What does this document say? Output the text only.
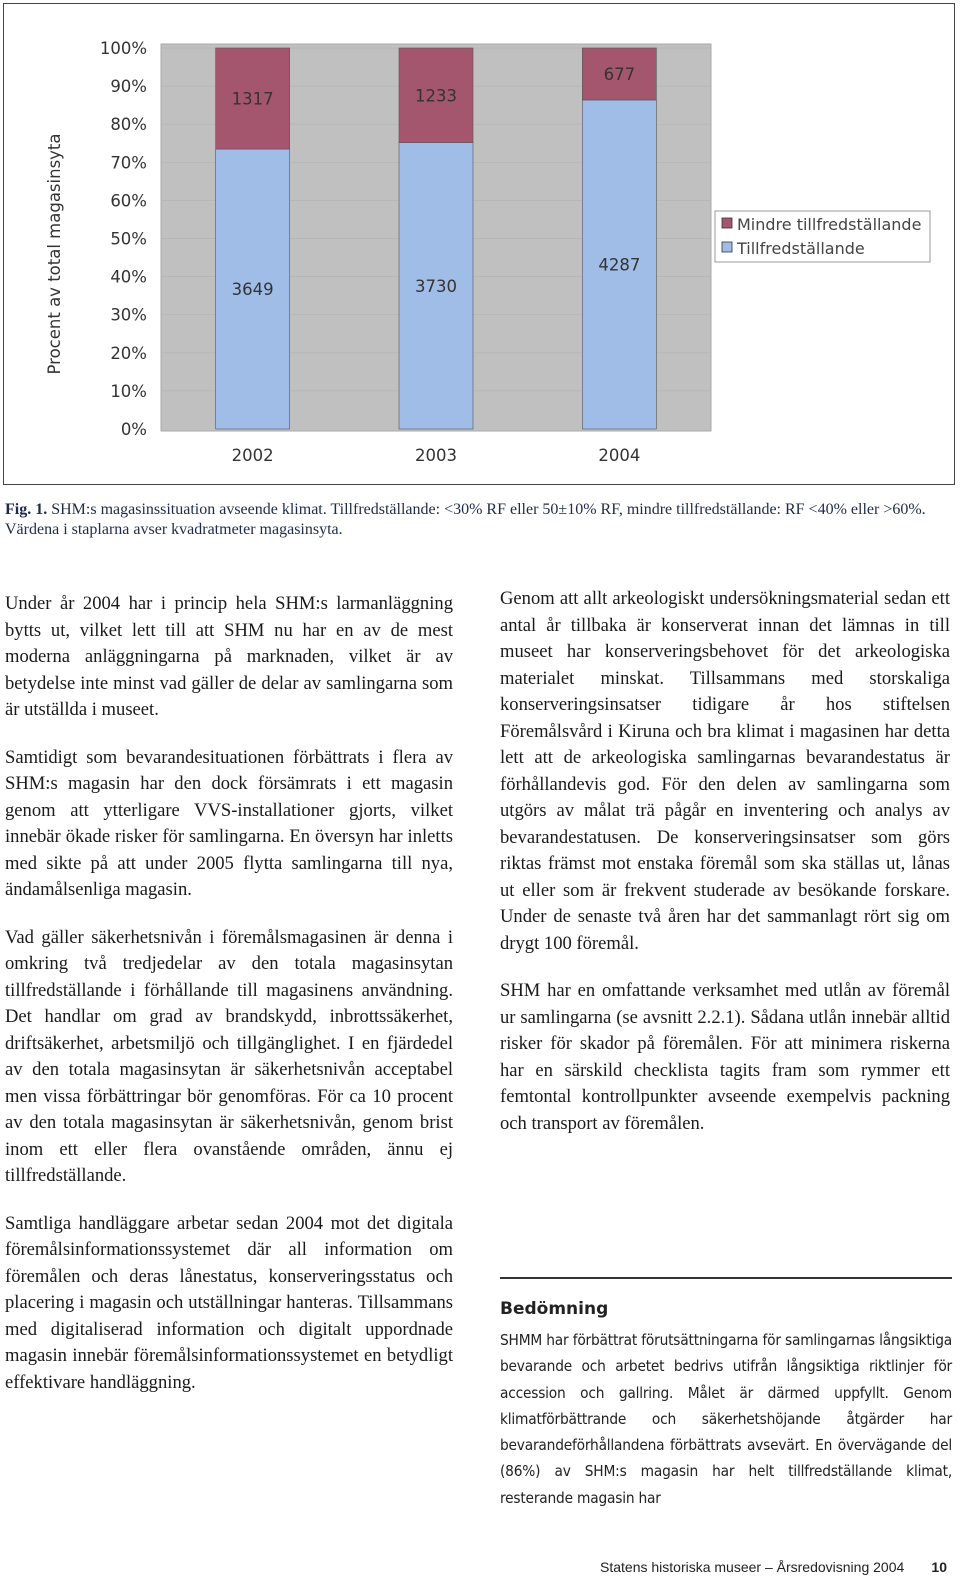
3649
1317
3730
1233
4287
677
0%
10%
20%
30%
40%
50%
60%
70%
80%
90%
100%
2002	2003	2004
Procent av total magasinsyta	Mindre tillfredställande
Tillfredställande
Fig. 1. SHM:s magasinssituation avseende klimat. Tillfredställande: <30% RF eller 50±10% RF, mindre tillfredställande: RF <40% eller >60%. Värdena i staplarna avser kvadratmeter magasinsyta.

Under år 2004 har i princip hela SHM:s larmanläggning bytts ut, vilket lett till att SHM nu har en av de mest moderna anläggningarna på marknaden, vilket är av betydelse inte minst vad gäller de delar av samlingarna som är utställda i museet.

Samtidigt som bevarandesituationen förbättrats i flera av SHM:s magasin har den dock försämrats i ett magasin genom att ytterligare VVS-installationer gjorts, vilket innebär ökade risker för samlingarna. En översyn har inletts med sikte på att under 2005 flytta samlingarna till nya, ändamålsenliga magasin.

Vad gäller säkerhetsnivån i föremålsmagasinen är denna i omkring två tredjedelar av den totala magasinsytan tillfredställande i förhållande till magasinens användning. Det handlar om grad av brandskydd, inbrottssäkerhet, driftsäkerhet, arbetsmiljö och tillgänglighet. I en fjärdedel av den totala magasinsytan är säkerhetsnivån acceptabel men vissa förbättringar bör genomföras. För ca 10 procent av den totala magasinsytan är säkerhetsnivån, genom brist inom ett eller flera ovanstående områden, ännu ej tillfredställande.

Samtliga handläggare arbetar sedan 2004 mot det digitala föremålsinformationssystemet där all information om föremålen och deras lånestatus, konserveringsstatus och placering i magasin och utställningar hanteras. Tillsammans med digitaliserad information och digitalt uppordnade magasin innebär föremålsinformationssystemet en betydligt effektivare handläggning.

Genom att allt arkeologiskt undersökningsmaterial sedan ett antal år tillbaka är konserverat innan det lämnas in till museet har konserveringsbehovet för det arkeologiska materialet minskat. Tillsammans med storskaliga konserveringsinsatser tidigare år hos stiftelsen Föremålsvård i Kiruna och bra klimat i magasinen har detta lett att de arkeologiska samlingarnas bevarandestatus är förhållandevis god. För den delen av samlingarna som utgörs av målat trä pågår en inventering och analys av bevarandestatusen. De konserveringsinsatser som görs riktas främst mot enstaka föremål som ska ställas ut, lånas ut eller som är frekvent studerade av besökande forskare. Under de senaste två åren har det sammanlagt rört sig om drygt 100 föremål.

SHM har en omfattande verksamhet med utlån av föremål ur samlingarna (se avsnitt 2.2.1). Sådana utlån innebär alltid risker för skador på föremålen. För att minimera riskerna har en särskild checklista tagits fram som rymmer ett femtontal kontrollpunkter avseende exempelvis packning och transport av föremålen.

Bedömning
SHMM har förbättrat förutsättningarna för samlingarnas långsiktiga bevarande och arbetet bedrivs utifrån långsiktiga riktlinjer för accession och gallring. Målet är därmed uppfyllt. Genom klimatförbättrande och säkerhetshöjande åtgärder har bevarandeförhållandena förbättrats avsevärt. En övervägande del (86%) av SHM:s magasin har helt tillfredställande klimat, resterande magasin har
Statens historiska museer – Årsredovisning 2004 10
